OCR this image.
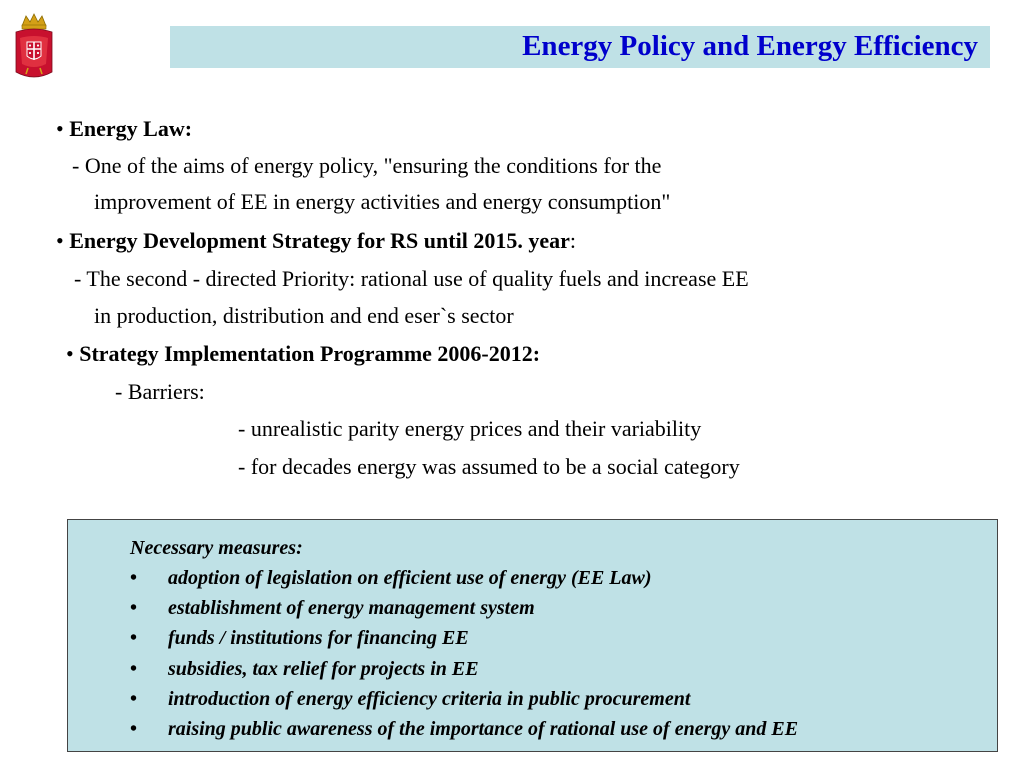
Energy Policy and Energy Efficiency
• Energy Law:
- One of the aims of energy policy, "ensuring the conditions for the
improvement of EE in energy activities and energy consumption"
• Energy Development Strategy for RS until 2015. year:
- The second - directed Priority: rational use of quality fuels and increase EE
in production, distribution and end eser`s sector
• Strategy Implementation Programme 2006-2012:
- Barriers:
- unrealistic parity energy prices and their variability
- for decades energy was assumed to be a social category
Necessary measures:
• adoption of legislation on efficient use of energy (EE Law)
• establishment of energy management system
• funds / institutions for financing EE
• subsidies, tax relief for projects in EE
• introduction of energy efficiency criteria in public procurement
• raising public awareness of the importance of rational use of energy and EE
